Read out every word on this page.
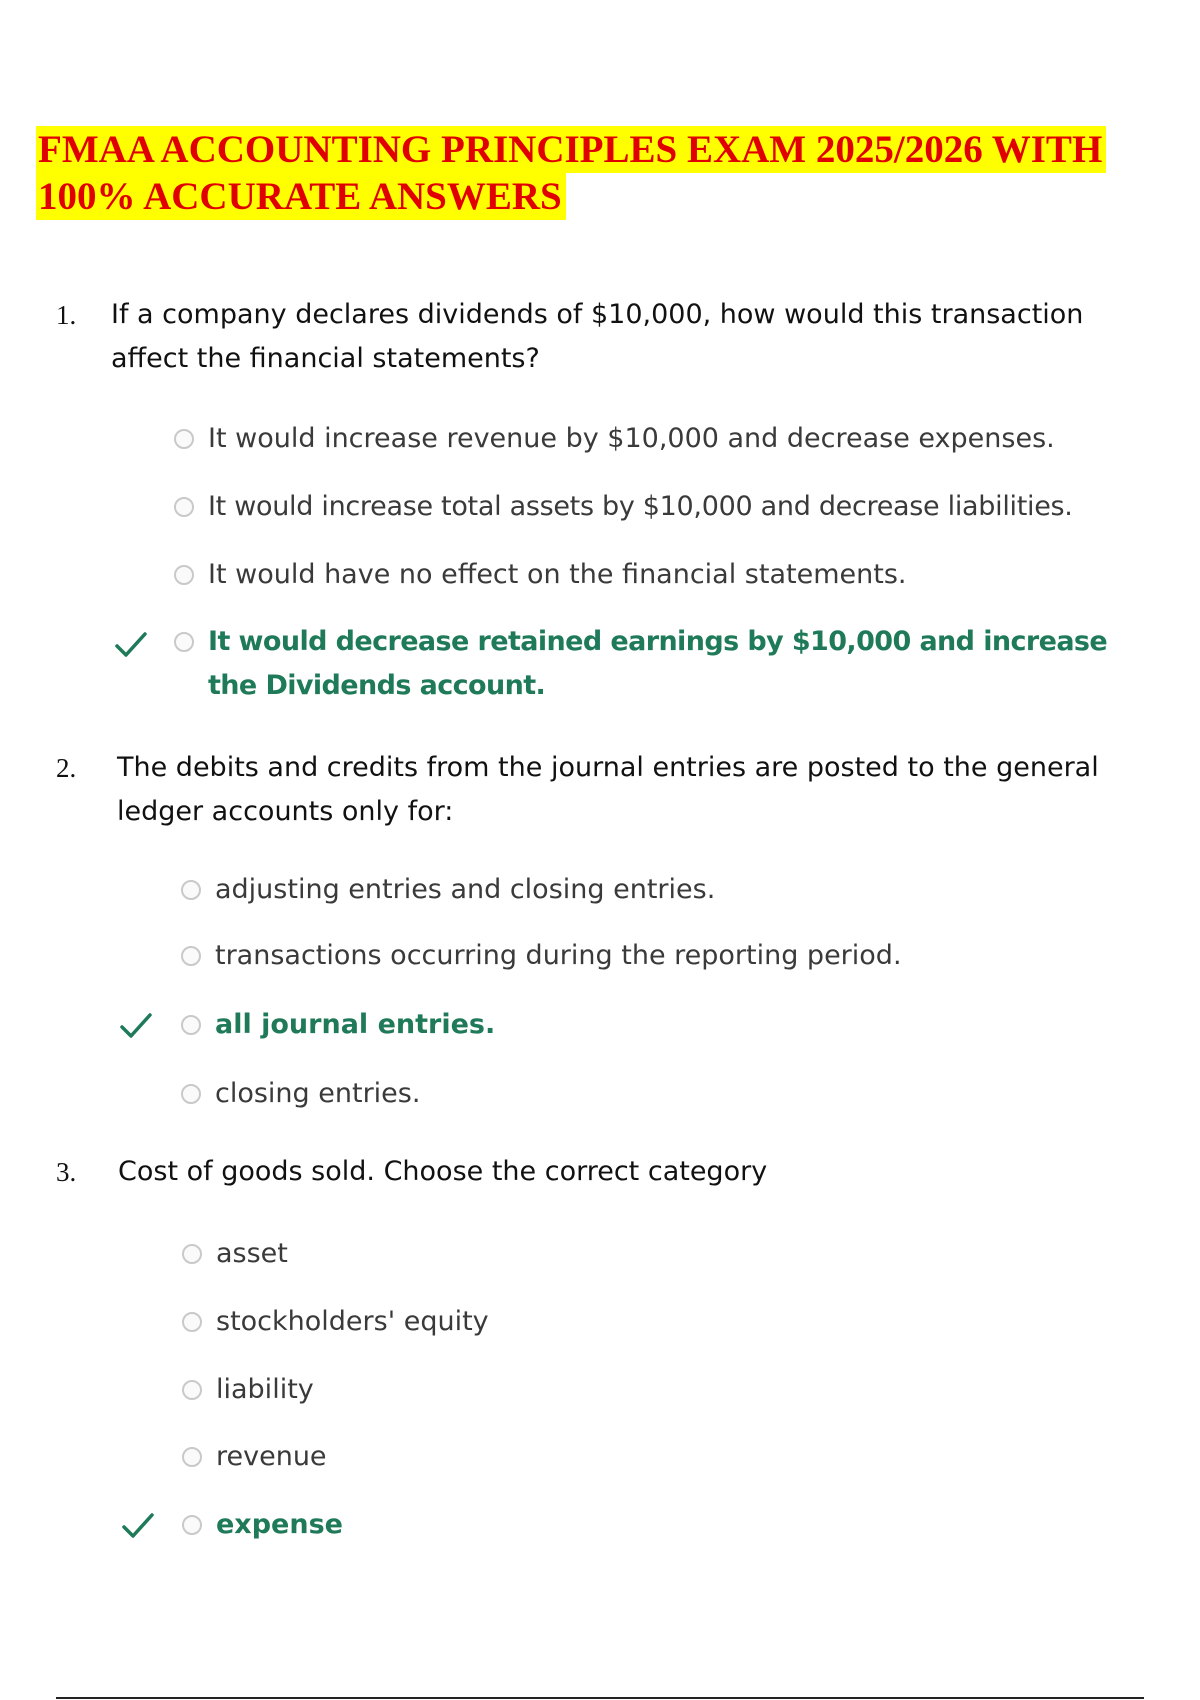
FMAA ACCOUNTING PRINCIPLES EXAM 2025/2026 WITH
100% ACCURATE ANSWERS
1. If a company declares dividends of $10,000, how would this transaction affect the financial statements?
It would increase revenue by $10,000 and decrease expenses.
It would increase total assets by $10,000 and decrease liabilities.
It would have no effect on the financial statements.
It would decrease retained earnings by $10,000 and increase the Dividends account.
2. The debits and credits from the journal entries are posted to the general ledger accounts only for:
adjusting entries and closing entries.
transactions occurring during the reporting period.
all journal entries.
closing entries.
3. Cost of goods sold. Choose the correct category
asset
stockholders' equity
liability
revenue
expense
